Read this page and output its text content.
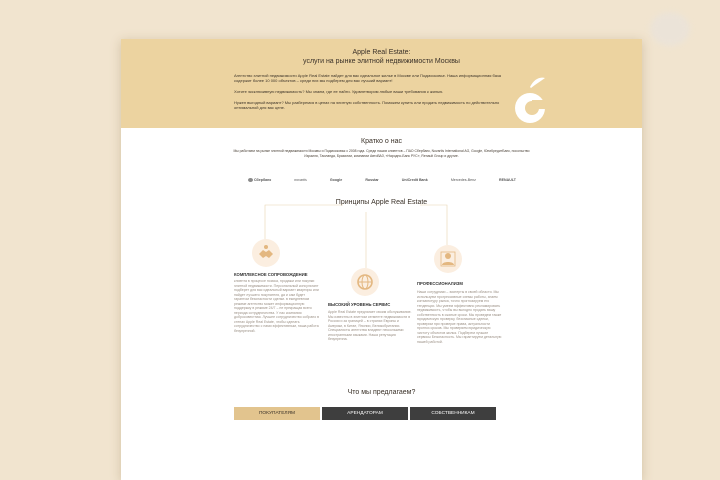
Apple Real Estate:
услуги на рынке элитной недвижимости Москвы

Агентство элитной недвижимости Apple Real Estate найдет для вас идеальное жилье в Москве или Подмосковье. Наша информационная база содержит более 10 000 объектов – среди них мы подберем для вас лучший вариант!

Хотите эксклюзивную недвижимость? Мы знаем, где ее найти. Удовлетворим любые ваши требования к жилью.

Нужен выгодный вариант? Мы разберемся в ценах на элитную собственность. Поможем купить или продать недвижимость по действительно оптимальной для вас цене.

Кратко о нас

Мы работаем на рынке элитной недвижимости Москвы и Подмосковья с 2008 года. Среди наших клиентов – ПАО Сбербанк, Novartis International AG, Google, ЮниКредитБанк, посольство Израиля, Таиланда, Бразилии, компании АвтоВАЗ, «Народно-Банк РУС», Renault Group и другие.

Сбербанк	novartis	Google	Russtar	UniCredit Bank	Mercedes-Benz	RENAULT
Принципы Apple Real Estate
КОМПЛЕКСНОЕ СОПРОВОЖДЕНИЕ

клиента в процессе поиска, продажи или покупки элитной недвижимости. Персональный консультант подберет для вас идеальный вариант квартиры или найдет лучшего покупателя, да и сам будет гарантом безопасности сделки. в ежедневном режиме агентство может информационную поддержку в режиме 24/7 – не прекращая всего периода сотрудничества. У нас компания добросовестная. Лучшее сотрудничество собрано в стенах Apple Real Estate, чтобы сделать сотрудничество с нами эффективным, наша работа безупречной.

ВЫСОКИЙ УРОВЕНЬ СЕРВИС

Apple Real Estate предлагает своим обслуживание. Мы известны в элитном сегменте недвижимости в России и за границей – в странах Европы и Америки, в Китае, Японии, Великобритании. Специалисты агентства владеют несколькими иностранными языками. Наша репутация безупречна.

ПРОФЕССИОНАЛИЗМ

Наши сотрудники – эксперты в своей области. Мы используем прогрессивные схемы работы, знаем конъюнктуру рынка, точно прогнозируем его тенденции. Мы умеем эффективно рекламировать недвижимость, чтобы вы выгодно продать вашу собственность в сжатые сроки. Мы проведем также юридическую проверку, безопасные сделки, проверим при проверке права, актуальности прогноз сроков. Мы проверяем юридическую чистоту объектов жилья. Подберем лучшие сервисы Безопасность. Мы гарантируем детальную нашей работой.

Что мы предлагаем?
ПОКУПАТЕЛЯМ	АРЕНДАТОРАМ	СОБСТВЕННИКАМ
